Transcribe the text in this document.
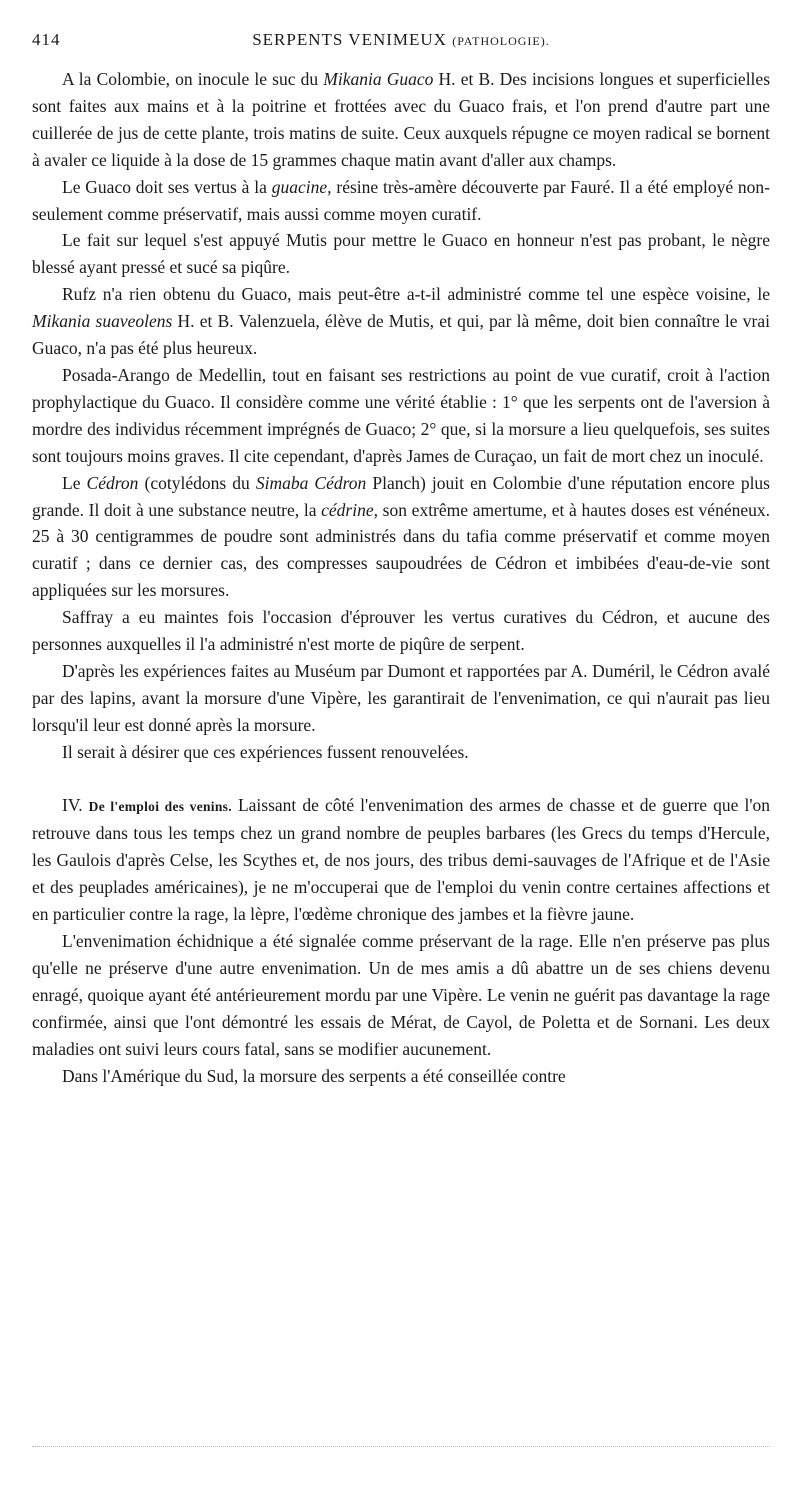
414	SERPENTS VENIMEUX (PATHOLOGIE).

A la Colombie, on inocule le suc du Mikania Guaco H. et B. Des incisions longues et superficielles sont faites aux mains et à la poitrine et frottées avec du Guaco frais, et l'on prend d'autre part une cuillerée de jus de cette plante, trois matins de suite. Ceux auxquels répugne ce moyen radical se bornent à avaler ce liquide à la dose de 15 grammes chaque matin avant d'aller aux champs.

Le Guaco doit ses vertus à la guacine, résine très-amère découverte par Fauré. Il a été employé non-seulement comme préservatif, mais aussi comme moyen curatif.

Le fait sur lequel s'est appuyé Mutis pour mettre le Guaco en honneur n'est pas probant, le nègre blessé ayant pressé et sucé sa piqûre.

Rufz n'a rien obtenu du Guaco, mais peut-être a-t-il administré comme tel une espèce voisine, le Mikania suaveolens H. et B. Valenzuela, élève de Mutis, et qui, par là même, doit bien connaître le vrai Guaco, n'a pas été plus heureux.

Posada-Arango de Medellin, tout en faisant ses restrictions au point de vue curatif, croit à l'action prophylactique du Guaco. Il considère comme une vérité établie : 1° que les serpents ont de l'aversion à mordre des individus récemment imprégnés de Guaco; 2° que, si la morsure a lieu quelquefois, ses suites sont toujours moins graves. Il cite cependant, d'après James de Curaçao, un fait de mort chez un inoculé.

Le Cédron (cotylédons du Simaba Cédron Planch) jouit en Colombie d'une réputation encore plus grande. Il doit à une substance neutre, la cédrine, son extrême amertume, et à hautes doses est vénéneux. 25 à 30 centigrammes de poudre sont administrés dans du tafia comme préservatif et comme moyen curatif ; dans ce dernier cas, des compresses saupoudrées de Cédron et imbibées d'eau-de-vie sont appliquées sur les morsures.

Saffray a eu maintes fois l'occasion d'éprouver les vertus curatives du Cédron, et aucune des personnes auxquelles il l'a administré n'est morte de piqûre de serpent.

D'après les expériences faites au Muséum par Dumont et rapportées par A. Duméril, le Cédron avalé par des lapins, avant la morsure d'une Vipère, les garantirait de l'envenimation, ce qui n'aurait pas lieu lorsqu'il leur est donné après la morsure.

Il serait à désirer que ces expériences fussent renouvelées.

IV. De l'emploi des venins. Laissant de côté l'envenimation des armes de chasse et de guerre que l'on retrouve dans tous les temps chez un grand nombre de peuples barbares (les Grecs du temps d'Hercule, les Gaulois d'après Celse, les Scythes et, de nos jours, des tribus demi-sauvages de l'Afrique et de l'Asie et des peuplades américaines), je ne m'occuperai que de l'emploi du venin contre certaines affections et en particulier contre la rage, la lèpre, l'œdème chronique des jambes et la fièvre jaune.

L'envenimation échidnique a été signalée comme préservant de la rage. Elle n'en préserve pas plus qu'elle ne préserve d'une autre envenimation. Un de mes amis a dû abattre un de ses chiens devenu enragé, quoique ayant été antérieurement mordu par une Vipère. Le venin ne guérit pas davantage la rage confirmée, ainsi que l'ont démontré les essais de Mérat, de Cayol, de Poletta et de Sornani. Les deux maladies ont suivi leurs cours fatal, sans se modifier aucunement.

Dans l'Amérique du Sud, la morsure des serpents a été conseillée contre
